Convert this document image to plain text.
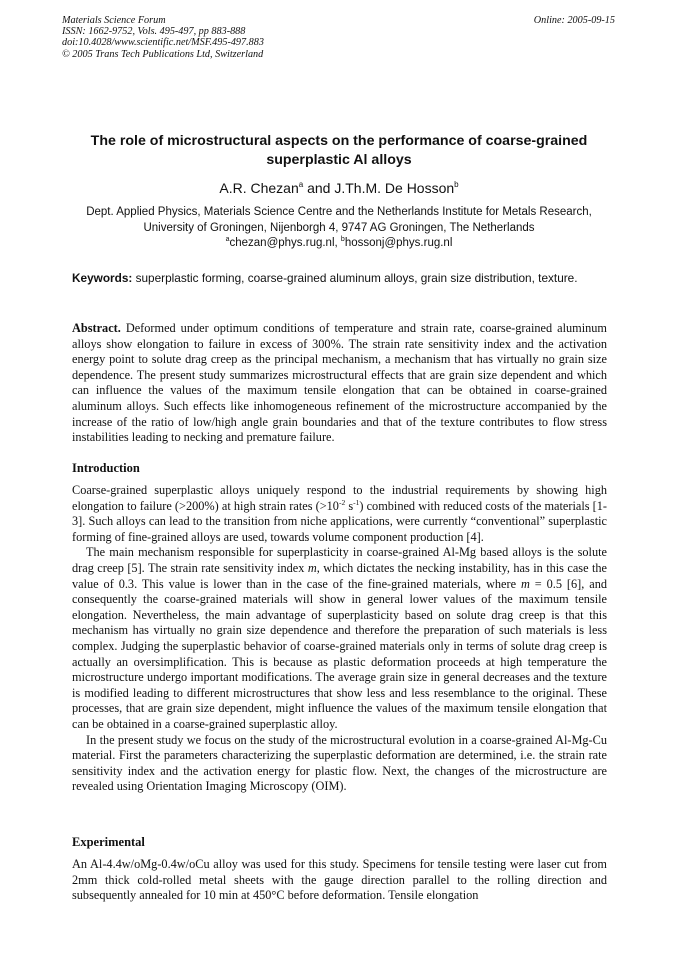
Materials Science Forum
ISSN: 1662-9752, Vols. 495-497, pp 883-888
doi:10.4028/www.scientific.net/MSF.495-497.883
© 2005 Trans Tech Publications Ltd, Switzerland
Online: 2005-09-15
The role of microstructural aspects on the performance of coarse-grained superplastic Al alloys
A.R. Chezan$^a$ and J.Th.M. De Hosson$^b$
Dept. Applied Physics, Materials Science Centre and the Netherlands Institute for Metals Research, University of Groningen, Nijenborgh 4, 9747 AG Groningen, The Netherlands
$^a$chezan@phys.rug.nl, $^b$hossonj@phys.rug.nl
Keywords: superplastic forming, coarse-grained aluminum alloys, grain size distribution, texture.

Abstract. Deformed under optimum conditions of temperature and strain rate, coarse-grained aluminum alloys show elongation to failure in excess of 300%. The strain rate sensitivity index and the activation energy point to solute drag creep as the principal mechanism, a mechanism that has virtually no grain size dependence. The present study summarizes microstructural effects that are grain size dependent and which can influence the values of the maximum tensile elongation that can be obtained in coarse-grained aluminum alloys. Such effects like inhomogeneous refinement of the microstructure accompanied by the increase of the ratio of low/high angle grain boundaries and that of the texture contributes to flow stress instabilities leading to necking and premature failure.

Introduction

Coarse-grained superplastic alloys uniquely respond to the industrial requirements by showing high elongation to failure (>200%) at high strain rates ($>10^{-2}$ $s^{-1}$) combined with reduced costs of the materials [1-3]. Such alloys can lead to the transition from niche applications, were currently “conventional” superplastic forming of fine-grained alloys are used, towards volume component production [4].

The main mechanism responsible for superplasticity in coarse-grained Al-Mg based alloys is the solute drag creep [5]. The strain rate sensitivity index m, which dictates the necking instability, has in this case the value of 0.3. This value is lower than in the case of the fine-grained materials, where m = 0.5 [6], and consequently the coarse-grained materials will show in general lower values of the maximum tensile elongation. Nevertheless, the main advantage of superplasticity based on solute drag creep is that this mechanism has virtually no grain size dependence and therefore the preparation of such materials is less complex. Judging the superplastic behavior of coarse-grained materials only in terms of solute drag creep is actually an oversimplification. This is because as plastic deformation proceeds at high temperature the microstructure undergo important modifications. The average grain size in general decreases and the texture is modified leading to different microstructures that show less and less resemblance to the original. These processes, that are grain size dependent, might influence the values of the maximum tensile elongation that can be obtained in a coarse-grained superplastic alloy.

In the present study we focus on the study of the microstructural evolution in a coarse-grained Al-Mg-Cu material. First the parameters characterizing the superplastic deformation are determined, i.e. the strain rate sensitivity index and the activation energy for plastic flow. Next, the changes of the microstructure are revealed using Orientation Imaging Microscopy (OIM).

Experimental

An Al-4.4w/oMg-0.4w/oCu alloy was used for this study. Specimens for tensile testing were laser cut from 2mm thick cold-rolled metal sheets with the gauge direction parallel to the rolling direction and subsequently annealed for 10 min at 450°C before deformation. Tensile elongation
